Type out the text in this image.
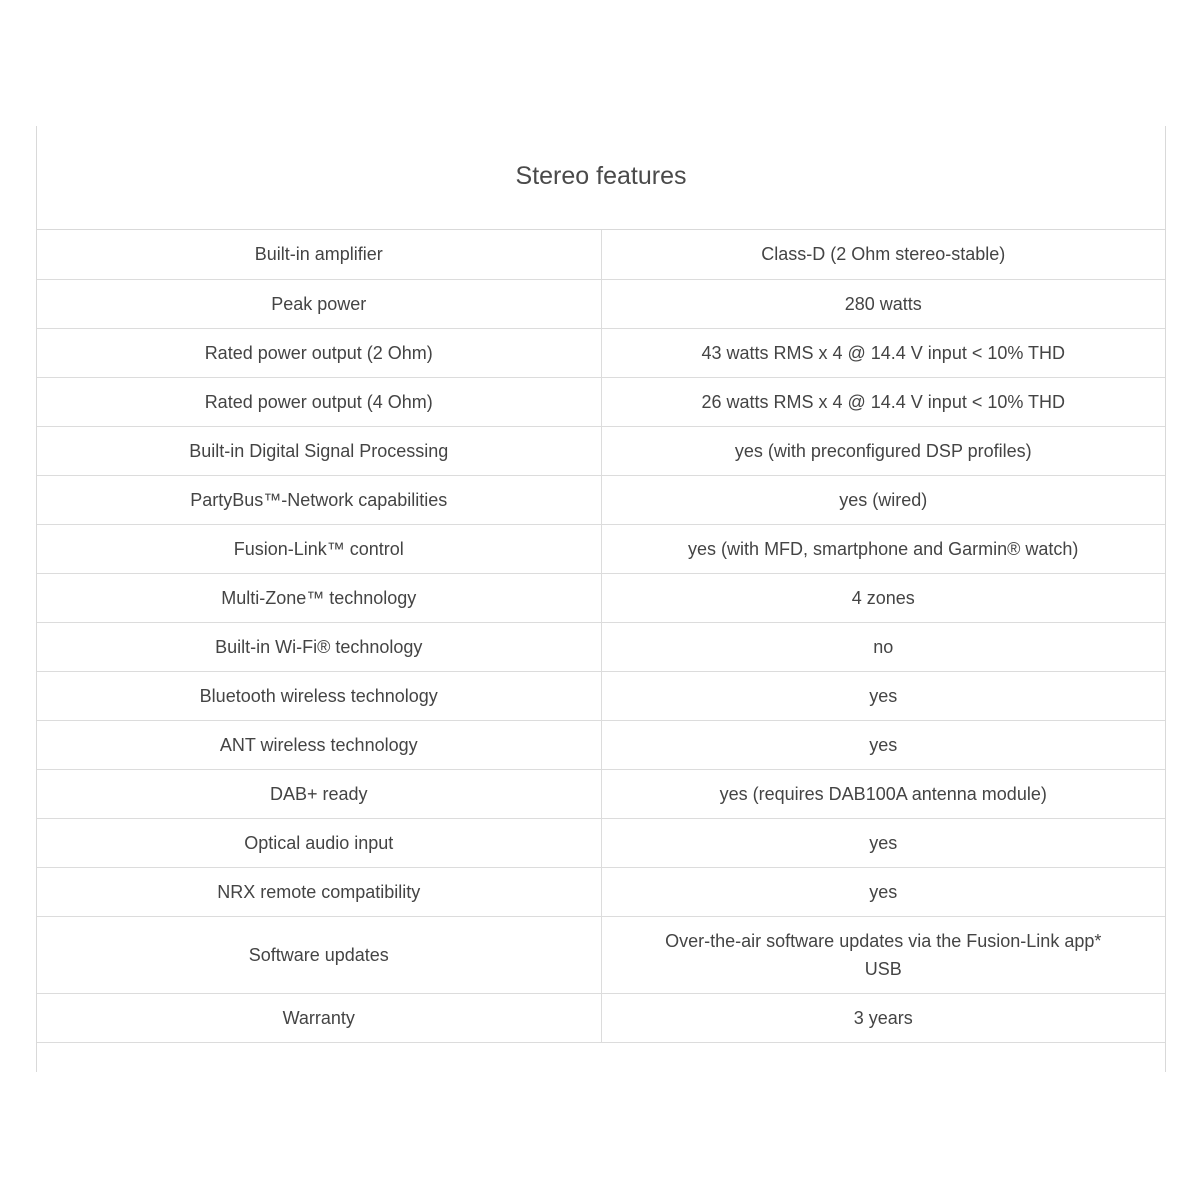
Stereo features
Built-in amplifier	Class-D (2 Ohm stereo-stable)

Peak power	280 watts

Rated power output (2 Ohm)	43 watts RMS x 4 @ 14.4 V input < 10% THD

Rated power output (4 Ohm)	26 watts RMS x 4 @ 14.4 V input < 10% THD

Built-in Digital Signal Processing	yes (with preconfigured DSP profiles)

PartyBus™-Network capabilities	yes (wired)

Fusion-Link™ control	yes (with MFD, smartphone and Garmin® watch)

Multi-Zone™ technology	4 zones

Built-in Wi-Fi® technology	no

Bluetooth wireless technology	yes

ANT wireless technology	yes

DAB+ ready	yes (requires DAB100A antenna module)

Optical audio input	yes

NRX remote compatibility	yes

Software updates	Over-the-air software updates via the Fusion-Link app*
USB

Warranty	3 years
